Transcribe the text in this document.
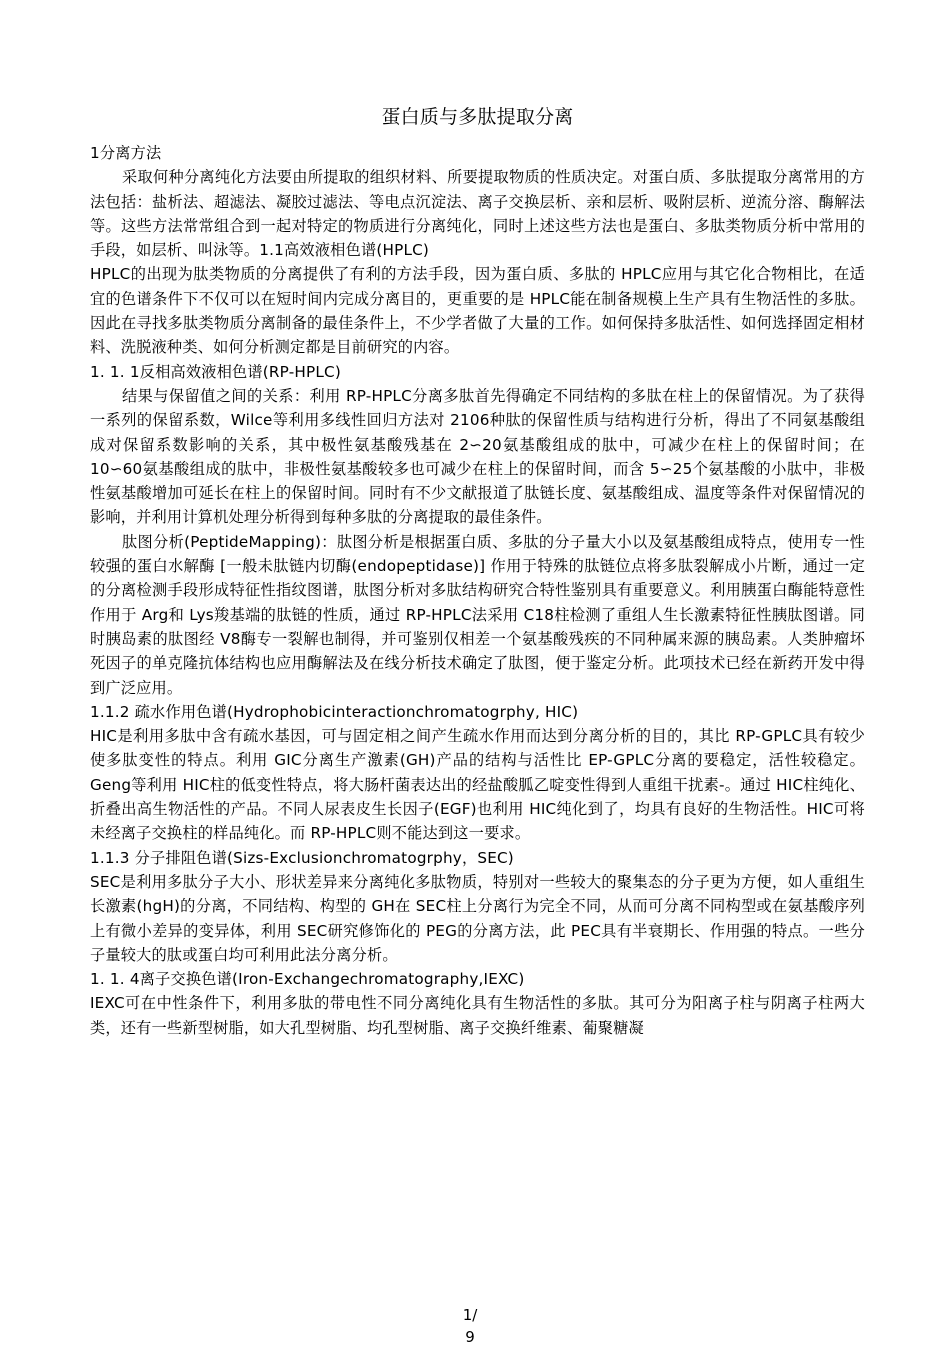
蛋白质与多肽提取分离

1分离方法

采取何种分离纯化方法要由所提取的组织材料、所要提取物质的性质决定。对蛋白质、多肽提取分离常用的方法包括：盐析法、超滤法、凝胶过滤法、等电点沉淀法、离子交换层析、亲和层析、吸附层析、逆流分溶、酶解法等。这些方法常常组合到一起对特定的物质进行分离纯化，同时上述这些方法也是蛋白、多肽类物质分析中常用的手段，如层析、叫泳等。1.1高效液相色谱(HPLC)

HPLC的出现为肽类物质的分离提供了有利的方法手段，因为蛋白质、多肽的 HPLC应用与其它化合物相比，在适宜的色谱条件下不仅可以在短时间内完成分离目的，更重要的是 HPLC能在制备规模上生产具有生物活性的多肽。因此在寻找多肽类物质分离制备的最佳条件上，不少学者做了大量的工作。如何保持多肽活性、如何选择固定相材料、洗脱液种类、如何分析测定都是目前研究的内容。

1. 1. 1反相高效液相色谱(RP-HPLC)

结果与保留值之间的关系：利用 RP-HPLC分离多肽首先得确定不同结构的多肽在柱上的保留情况。为了获得一系列的保留系数，Wilce等利用多线性回归方法对 2106种肽的保留性质与结构进行分析，得出了不同氨基酸组成对保留系数影响的关系，其中极性氨基酸残基在 2∽20氨基酸组成的肽中，可减少在柱上的保留时间；在 10∽60氨基酸组成的肽中，非极性氨基酸较多也可减少在柱上的保留时间，而含 5∽25个氨基酸的小肽中，非极性氨基酸增加可延长在柱上的保留时间。同时有不少文献报道了肽链长度、氨基酸组成、温度等条件对保留情况的影响，并利用计算机处理分析得到每种多肽的分离提取的最佳条件。

肽图分析(PeptideMapping)：肽图分析是根据蛋白质、多肽的分子量大小以及氨基酸组成特点，使用专一性较强的蛋白水解酶 [一般未肽链内切酶(endopeptidase)] 作用于特殊的肽链位点将多肽裂解成小片断，通过一定的分离检测手段形成特征性指纹图谱，肽图分析对多肽结构研究合特性鉴别具有重要意义。利用胰蛋白酶能特意性作用于 Arg和 Lys羧基端的肽链的性质，通过 RP-HPLC法采用 C18柱检测了重组人生长激素特征性胰肽图谱。同时胰岛素的肽图经 V8酶专一裂解也制得，并可鉴别仅相差一个氨基酸残疾的不同种属来源的胰岛素。人类肿瘤坏死因子的单克隆抗体结构也应用酶解法及在线分析技术确定了肽图，便于鉴定分析。此项技术已经在新药开发中得到广泛应用。

1.1.2 疏水作用色谱(Hydrophobicinteractionchromatogrphy, HIC)

HIC是利用多肽中含有疏水基因，可与固定相之间产生疏水作用而达到分离分析的目的，其比 RP-GPLC具有较少使多肽变性的特点。利用 GIC分离生产激素(GH)产品的结构与活性比 EP-GPLC分离的要稳定，活性较稳定。Geng等利用 HIC柱的低变性特点，将大肠杆菌表达出的经盐酸胍乙啶变性得到人重组干扰素-。通过 HIC柱纯化、折叠出高生物活性的产品。不同人尿表皮生长因子(EGF)也利用 HIC纯化到了，均具有良好的生物活性。HIC可将未经离子交换柱的样品纯化。而 RP-HPLC则不能达到这一要求。

1.1.3 分子排阻色谱(Sizs-Exclusionchromatogrphy，SEC)

SEC是利用多肽分子大小、形状差异来分离纯化多肽物质，特别对一些较大的聚集态的分子更为方便，如人重组生长激素(hgH)的分离，不同结构、构型的 GH在 SEC柱上分离行为完全不同，从而可分离不同构型或在氨基酸序列上有微小差异的变异体，利用 SEC研究修饰化的 PEG的分离方法，此 PEC具有半衰期长、作用强的特点。一些分子量较大的肽或蛋白均可利用此法分离分析。

1. 1. 4离子交换色谱(Iron-Exchangechromatography,IEXC)

IEXC可在中性条件下，利用多肽的带电性不同分离纯化具有生物活性的多肽。其可分为阳离子柱与阴离子柱两大类，还有一些新型树脂，如大孔型树脂、均孔型树脂、离子交换纤维素、葡聚糖凝

1/
9
